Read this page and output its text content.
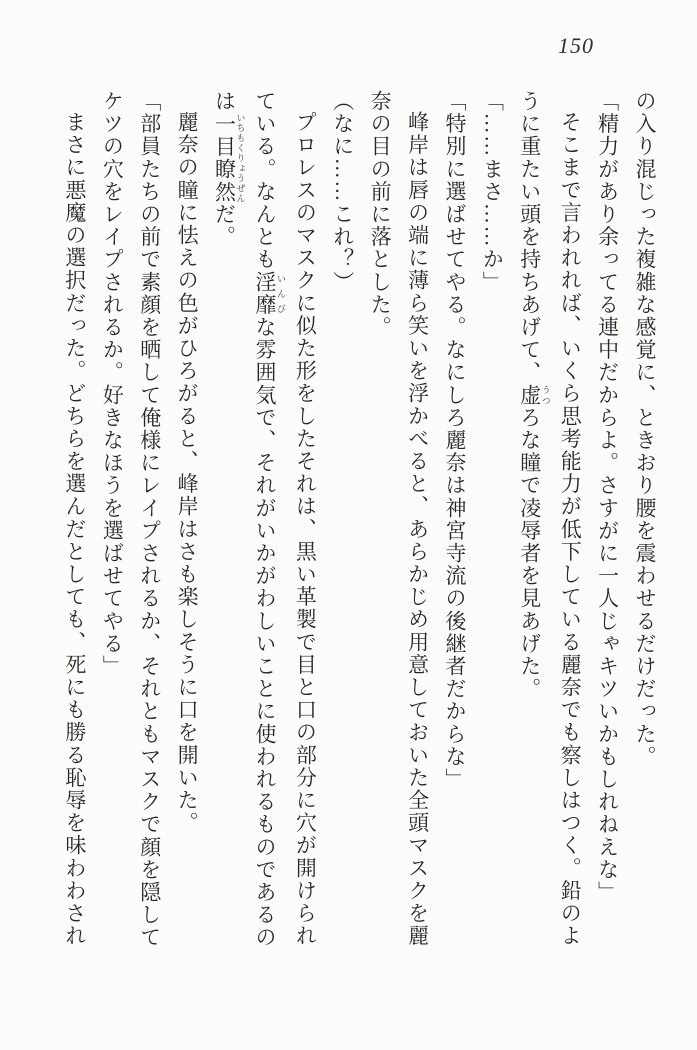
150

の入り混じった複雑な感覚に、ときおり腰を震わせるだけだった。

「精力があり余ってる連中だからよ。さすがに一人じゃキツいかもしれねえな」

そこまで言われれば、いくら思考能力が低下している麗奈でも察しはつく。鉛のよ

うに重たい頭を持ちあげて、虚 うつろな瞳で凌辱者を見あげた。

「……まさ……か」

「特別に選ばせてやる。なにしろ麗奈は神宮寺流の後継者だからな」

峰岸は唇の端に薄ら笑いを浮かべると、あらかじめ用意しておいた全頭マスクを麗

奈の目の前に落とした。

（なに……これ？）

プロレスのマスクに似た形をしたそれは、黒い革製で目と口の部分に穴が開けられ

ている。なんとも淫靡 いんびな雰囲気で、それがいかがわしいことに使われるものであるの

は一目瞭然 いちもくりょうぜんだ。

麗奈の瞳に怯えの色がひろがると、峰岸はさも楽しそうに口を開いた。

「部員たちの前で素顔を晒して俺様にレイプされるか、それともマスクで顔を隠して

ケツの穴をレイプされるか。好きなほうを選ばせてやる」

まさに悪魔の選択だった。どちらを選んだとしても、死にも勝る恥辱を味わわされ
